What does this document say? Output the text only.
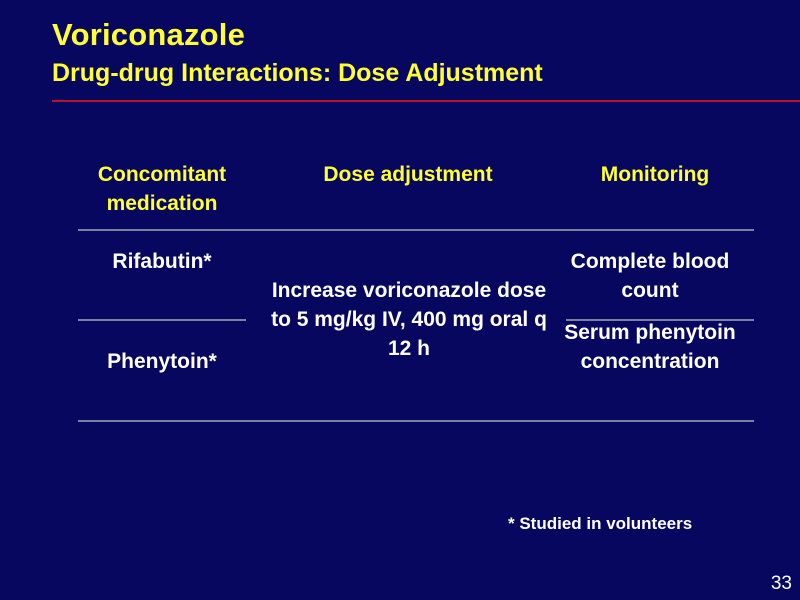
Voriconazole
Drug-drug Interactions: Dose Adjustment
Concomitant medication
Dose adjustment	Monitoring
Rifabutin*	Complete blood count
Increase voriconazole dose to 5 mg/kg IV, 400 mg oral q 12 h
Phenytoin*
Serum phenytoin concentration
* Studied in volunteers
33
